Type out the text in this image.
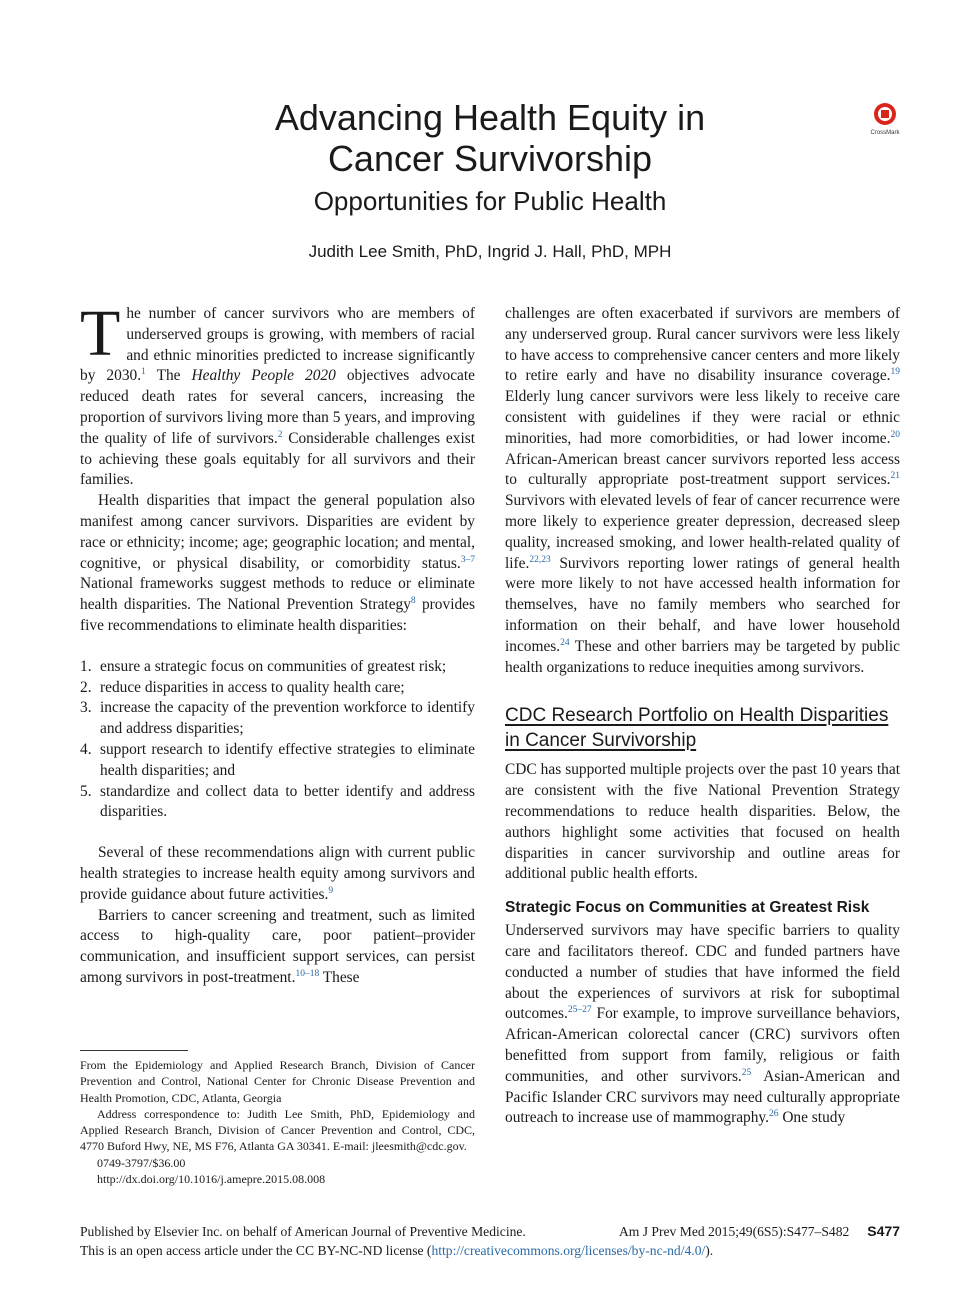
Advancing Health Equity in
Cancer Survivorship
Opportunities for Public Health
Judith Lee Smith, PhD, Ingrid J. Hall, PhD, MPH
CrossMark

The number of cancer survivors who are members of underserved groups is growing, with members of racial and ethnic minorities predicted to increase significantly by 2030.$^1$ The Healthy People 2020 objectives advocate reduced death rates for several cancers, increasing the proportion of survivors living more than 5 years, and improving the quality of life of survivors.$^2$ Considerable challenges exist to achieving these goals equitably for all survivors and their families.

Health disparities that impact the general population also manifest among cancer survivors. Disparities are evident by race or ethnicity; income; age; geographic location; and mental, cognitive, or physical disability, or comorbidity status.$^{3-7}$ National frameworks suggest methods to reduce or eliminate health disparities. The National Prevention Strategy$^8$ provides five recommendations to eliminate health disparities:

1. ensure a strategic focus on communities of greatest risk;
2. reduce disparities in access to quality health care;
3. increase the capacity of the prevention workforce to identify and address disparities;
4. support research to identify effective strategies to eliminate health disparities; and
5. standardize and collect data to better identify and address disparities.

Several of these recommendations align with current public health strategies to increase health equity among survivors and provide guidance about future activities.$^9$

Barriers to cancer screening and treatment, such as limited access to high-quality care, poor patient–provider communication, and insufficient support services, can persist among survivors in post-treatment.$^{10-18}$ These

challenges are often exacerbated if survivors are members of any underserved group. Rural cancer survivors were less likely to have access to comprehensive cancer centers and more likely to retire early and have no disability insurance coverage.$^{19}$ Elderly lung cancer survivors were less likely to receive care consistent with guidelines if they were racial or ethnic minorities, had more comorbidities, or had lower income.$^{20}$ African-American breast cancer survivors reported less access to culturally appropriate post-treatment support services.$^{21}$ Survivors with elevated levels of fear of cancer recurrence were more likely to experience greater depression, decreased sleep quality, increased smoking, and lower health-related quality of life.$^{22,23}$ Survivors reporting lower ratings of general health were more likely to not have accessed health information for themselves, have no family members who searched for information on their behalf, and have lower household incomes.$^{24}$ These and other barriers may be targeted by public health organizations to reduce inequities among survivors.

CDC Research Portfolio on Health Disparities in Cancer Survivorship

CDC has supported multiple projects over the past 10 years that are consistent with the five National Prevention Strategy recommendations to reduce health disparities. Below, the authors highlight some activities that focused on health disparities in cancer survivorship and outline areas for additional public health efforts.

Strategic Focus on Communities at Greatest Risk

Underserved survivors may have specific barriers to quality care and facilitators thereof. CDC and funded partners have conducted a number of studies that have informed the field about the experiences of survivors at risk for suboptimal outcomes.$^{25-27}$ For example, to improve surveillance behaviors, African-American colorectal cancer (CRC) survivors often benefitted from support from family, religious or faith communities, and other survivors.$^{25}$ Asian-American and Pacific Islander CRC survivors may need culturally appropriate outreach to increase use of mammography.$^{26}$ One study

From the Epidemiology and Applied Research Branch, Division of Cancer Prevention and Control, National Center for Chronic Disease Prevention and Health Promotion, CDC, Atlanta, Georgia

Address correspondence to: Judith Lee Smith, PhD, Epidemiology and Applied Research Branch, Division of Cancer Prevention and Control, CDC, 4770 Buford Hwy, NE, MS F76, Atlanta GA 30341. E-mail: jleesmith@cdc.gov.

0749-3797/$36.00

http://dx.doi.org/10.1016/j.amepre.2015.08.008

Published by Elsevier Inc. on behalf of American Journal of Preventive Medicine.	Am J Prev Med 2015;49(6S5):S477–S482 S477
This is an open access article under the CC BY-NC-ND license (http://creativecommons.org/licenses/by-nc-nd/4.0/).
